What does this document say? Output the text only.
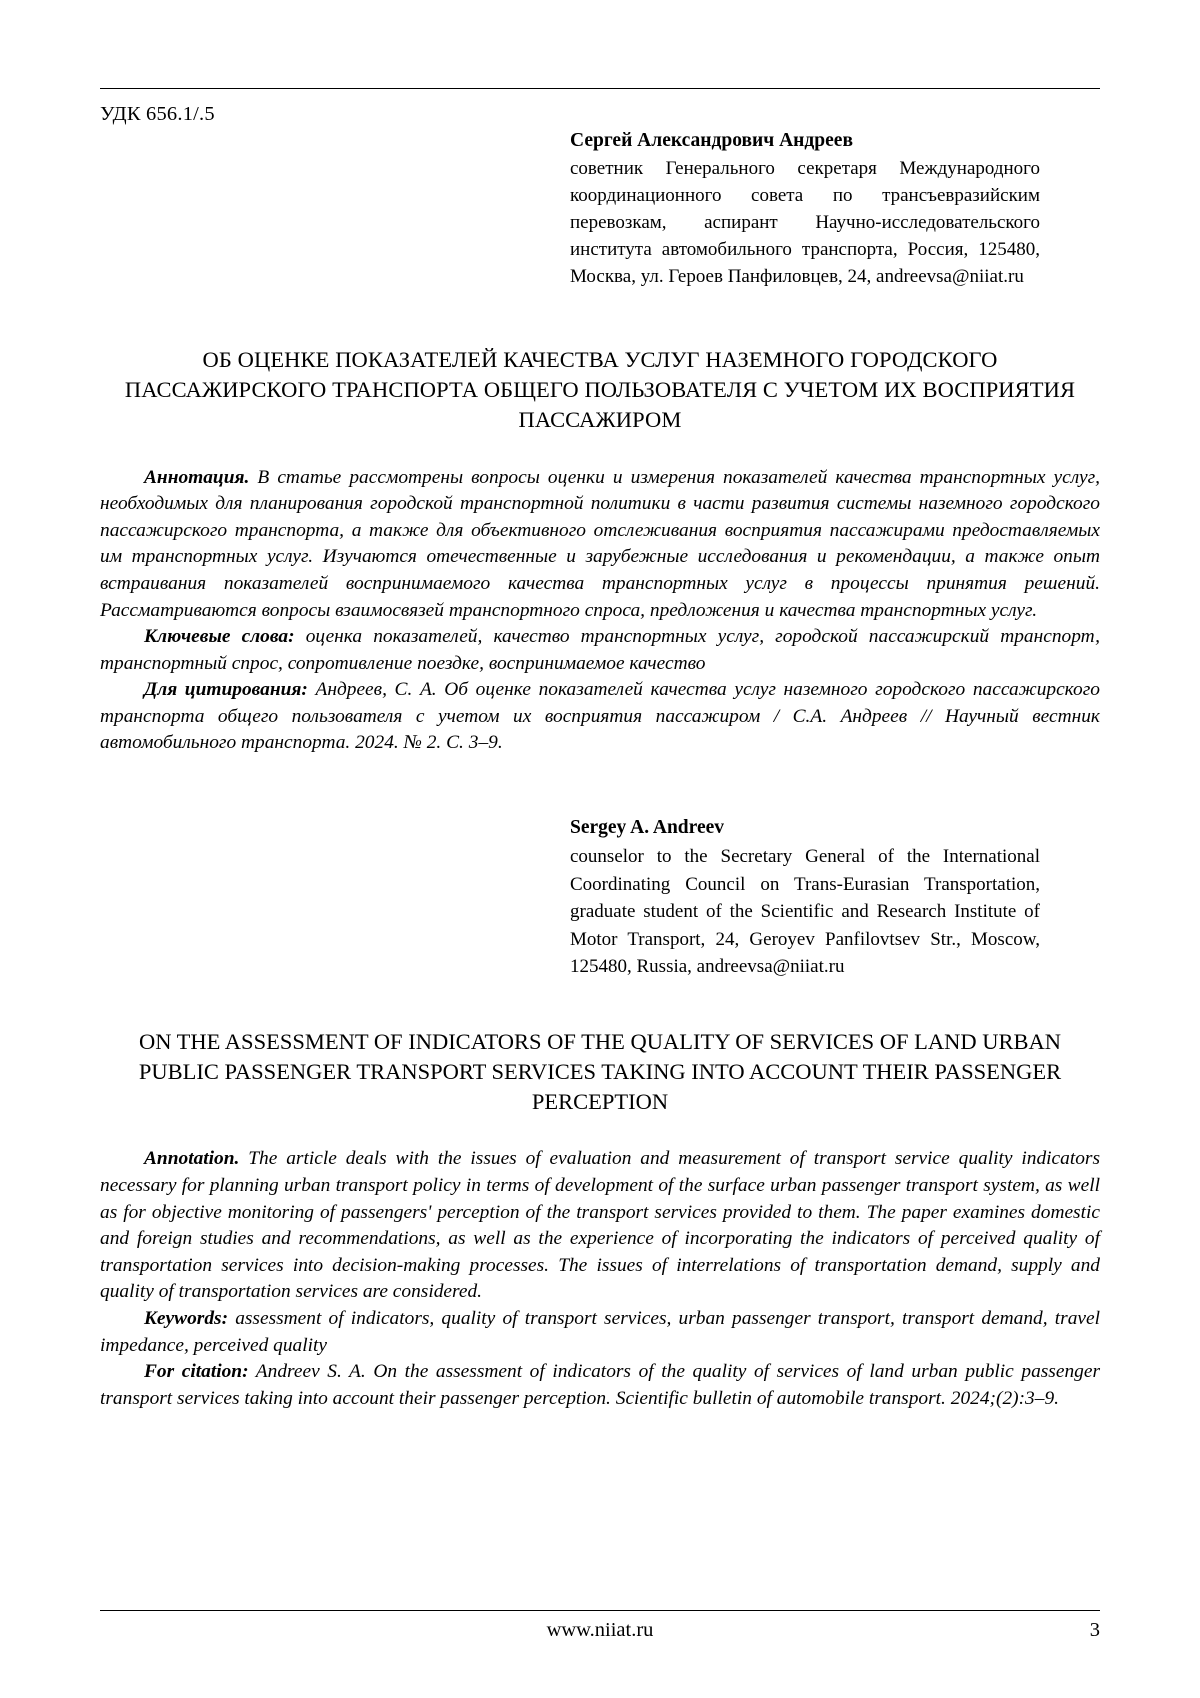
УДК 656.1/.5
Сергей Александрович Андреев
советник Генерального секретаря Международного координационного совета по трансъевразийским перевозкам, аспирант Научно-исследовательского института автомобильного транспорта, Россия, 125480, Москва, ул. Героев Панфиловцев, 24, andreevsa@niiat.ru
ОБ ОЦЕНКЕ ПОКАЗАТЕЛЕЙ КАЧЕСТВА УСЛУГ НАЗЕМНОГО ГОРОДСКОГО ПАССАЖИРСКОГО ТРАНСПОРТА ОБЩЕГО ПОЛЬЗОВАТЕЛЯ С УЧЕТОМ ИХ ВОСПРИЯТИЯ ПАССАЖИРОМ

Аннотация. В статье рассмотрены вопросы оценки и измерения показателей качества транспортных услуг, необходимых для планирования городской транспортной политики в части развития системы наземного городского пассажирского транспорта, а также для объективного отслеживания восприятия пассажирами предоставляемых им транспортных услуг. Изучаются отечественные и зарубежные исследования и рекомендации, а также опыт встраивания показателей воспринимаемого качества транспортных услуг в процессы принятия решений. Рассматриваются вопросы взаимосвязей транспортного спроса, предложения и качества транспортных услуг.

Ключевые слова: оценка показателей, качество транспортных услуг, городской пассажирский транспорт, транспортный спрос, сопротивление поездке, воспринимаемое качество

Для цитирования: Андреев, С. А. Об оценке показателей качества услуг наземного городского пассажирского транспорта общего пользователя с учетом их восприятия пассажиром / С.А. Андреев // Научный вестник автомобильного транспорта. 2024. № 2. С. 3–9.

Sergey A. Andreev
counselor to the Secretary General of the International Coordinating Council on Trans-Eurasian Transportation, graduate student of the Scientific and Research Institute of Motor Transport, 24, Geroyev Panfilovtsev Str., Moscow, 125480, Russia, andreevsa@niiat.ru
ON THE ASSESSMENT OF INDICATORS OF THE QUALITY OF SERVICES OF LAND URBAN PUBLIC PASSENGER TRANSPORT SERVICES TAKING INTO ACCOUNT THEIR PASSENGER PERCEPTION

Annotation. The article deals with the issues of evaluation and measurement of transport service quality indicators necessary for planning urban transport policy in terms of development of the surface urban passenger transport system, as well as for objective monitoring of passengers' perception of the transport services provided to them. The paper examines domestic and foreign studies and recommendations, as well as the experience of incorporating the indicators of perceived quality of transportation services into decision-making processes. The issues of interrelations of transportation demand, supply and quality of transportation services are considered.

Keywords: assessment of indicators, quality of transport services, urban passenger transport, transport demand, travel impedance, perceived quality

For citation: Andreev S. A. On the assessment of indicators of the quality of services of land urban public passenger transport services taking into account their passenger perception. Scientific bulletin of automobile transport. 2024;(2):3–9.

www.niiat.ru	3
